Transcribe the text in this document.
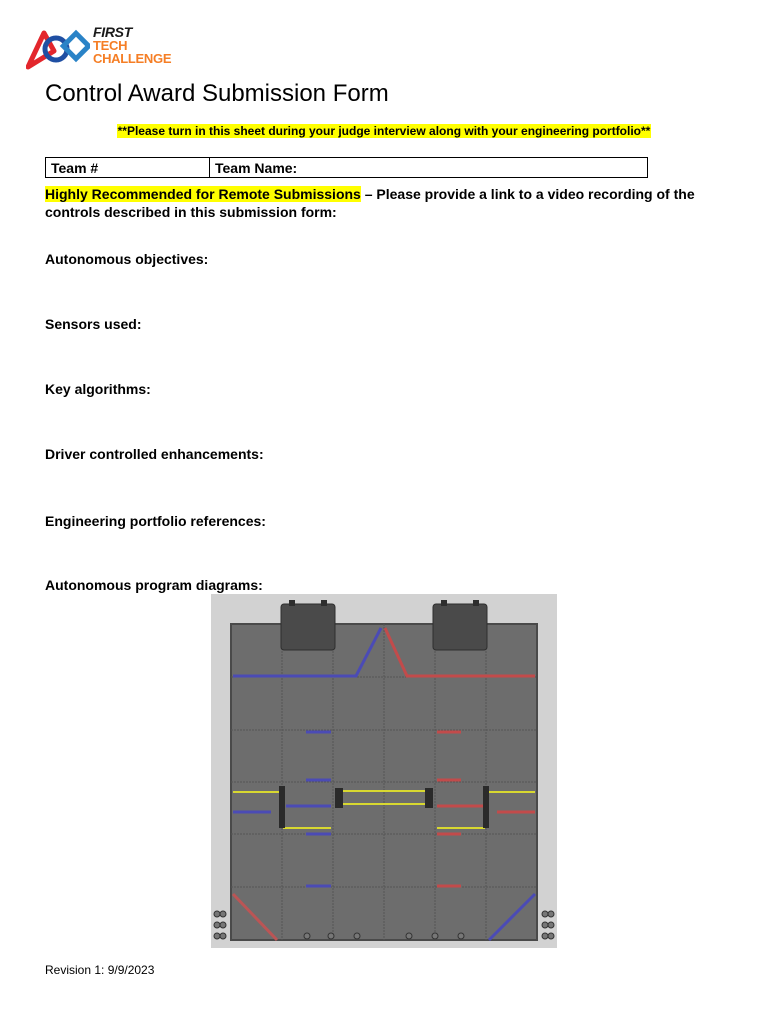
FIRST
TECH
CHALLENGE
Control Award Submission Form
**Please turn in this sheet during your judge interview along with your engineering portfolio**
Team #	Team Name:
Highly Recommended for Remote Submissions – Please provide a link to a video recording of the controls described in this submission form:
Autonomous objectives:
Sensors used:
Key algorithms:
Driver controlled enhancements:
Engineering portfolio references:
Autonomous program diagrams:
Revision 1: 9/9/2023
